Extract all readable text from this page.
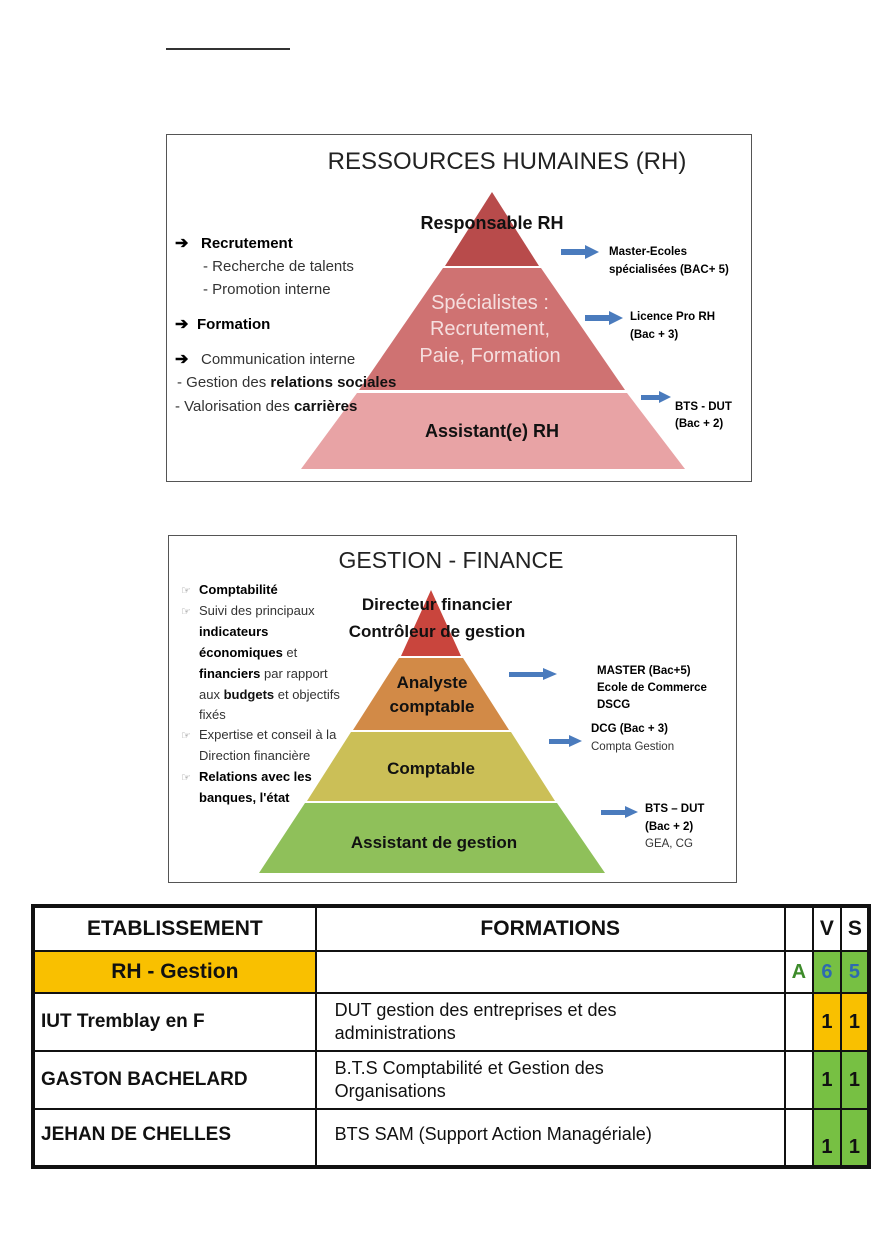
RESSOURCES HUMAINES (RH)
Responsable RH
Spécialistes :
Recrutement,
Paie, Formation
Assistant(e) RH
➔ Recrutement
- Recherche de talents
- Promotion interne
➔ Formation
➔ Communication interne
- Gestion des relations sociales
- Valorisation des carrières
Master-Ecoles
spécialisées (BAC+ 5)
Licence Pro RH
(Bac + 3)
BTS - DUT
(Bac + 2)
GESTION - FINANCE
Directeur financier
Contrôleur de gestion
Analyste
comptable
Comptable
Assistant de gestion
☞ Comptabilité
☞ Suivi des principaux
indicateurs
économiques et
financiers par rapport
aux budgets et objectifs
fixés
☞ Expertise et conseil à la
Direction financière
☞ Relations avec les
banques, l'état
MASTER (Bac+5)
Ecole de Commerce
DSCG
DCG (Bac + 3)
Compta Gestion
BTS – DUT
(Bac + 2)
GEA, CG
ETABLISSEMENT	FORMATIONS		V	S
RH - Gestion		A	6	5
IUT Tremblay en F	DUT gestion des entreprises et des
administrations		1	1
GASTON BACHELARD	B.T.S Comptabilité et Gestion des
Organisations		1	1
JEHAN DE CHELLES	BTS SAM (Support Action Managériale)		1	1
